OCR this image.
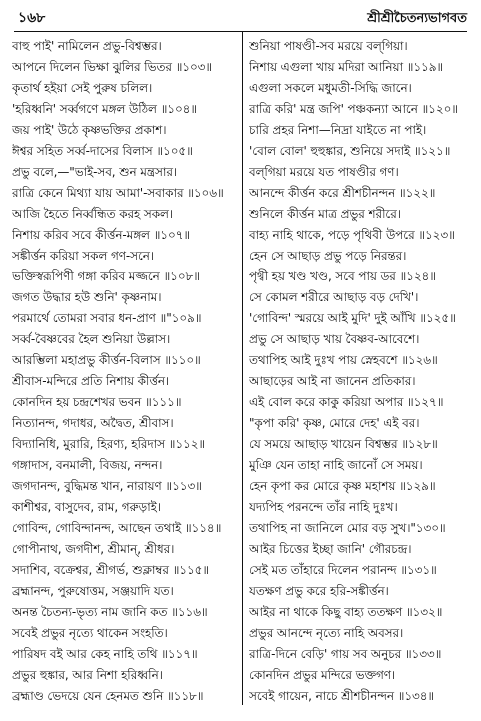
১৬৮	শ্রীশ্রীচৈতন্যভাগবত
বাহু পাই' নামিলেন প্রভু-বিশ্বম্ভর।
আপনে দিলেন ভিক্ষা ঝুলির ভিতর ॥১০৩॥
কৃতার্থ হইয়া সেই পুরুষ চলিল।
'হরিধ্বনি' সর্ব্বগণে মঙ্গল উঠিল ॥১০৪॥
জয় পাই' উঠে কৃষ্ণভক্তির প্রকাশ।
ঈশ্বর সহিত সর্ব্ব-দাসের বিলাস ॥১০৫॥
প্রভু বলে,—"ভাই-সব, শুন মন্ত্রসার।
রাত্রি কেনে মিথ্যা যায় আমা'-সবাকার ॥১০৬॥
আজি হৈতে নির্ব্বন্ধিত করহ সকল।
নিশায় করিব সবে কীর্ত্তন-মঙ্গল ॥১০৭॥
সঙ্কীর্ত্তন করিয়া সকল গণ-সনে।
ভক্তিস্বরূপিণী গঙ্গা করিব মজ্জনে ॥১০৮॥
জগত উদ্ধার হউ শুনি' কৃষ্ণনাম।
পরমার্থে তোমরা সবার ধন-প্রাণ ॥"১০৯॥
সর্ব্ব-বৈষ্ণবের হৈল শুনিয়া উল্লাস।
আরম্ভিলা মহাপ্রভু কীর্ত্তন-বিলাস ॥১১০॥
শ্রীবাস-মন্দিরে প্রতি নিশায় কীর্ত্তন।
কোনদিন হয় চন্দ্রশেখর ভবন ॥১১১॥
নিত্যানন্দ, গদাধর, অদ্বৈত, শ্রীবাস।
বিদ্যানিধি, মুরারি, হিরণ্য, হরিদাস ॥১১২॥
গঙ্গাদাস, বনমালী, বিজয়, নন্দন।
জগদানন্দ, বুদ্ধিমন্ত খান, নারায়ণ ॥১১৩॥
কাশীশ্বর, বাসুদেব, রাম, গরুড়াই।
গোবিন্দ, গোবিন্দানন্দ, আছেন তথাই ॥১১৪॥
গোপীনাথ, জগদীশ, শ্রীমান্‌, শ্রীধর।
সদাশিব, বক্রেশ্বর, শ্রীগর্ভ, শুক্লাম্বর ॥১১৫॥
ব্রহ্মানন্দ, পুরুষোত্তম, সঞ্জয়াদি যত।
অনন্ত চৈতন্য-ভৃত্য নাম জানি কত ॥১১৬॥
সবেই প্রভুর নৃত্যে থাকেন সংহতি।
পারিষদ বই আর কেহ নাহি তথি ॥১১৭॥
প্রভুর হুঙ্কার, আর নিশা হরিধ্বনি।
ব্রহ্মাণ্ড ভেদয়ে যেন হেনমত শুনি ॥১১৮॥
শুনিয়া পাষণ্ডী-সব মরয়ে বল্‌গিয়া।
নিশায় এগুলা খায় মদিরা আনিয়া ॥১১৯॥
এগুলা সকলে মধুমতী-সিদ্ধি জানে।
রাত্রি করি' মন্ত্র জপি' পঞ্চকন্যা আনে ॥১২০॥
চারি প্রহর নিশা—নিদ্রা যাইতে না পাই।
'বোল বোল' হুহুঙ্কার, শুনিয়ে সদাই ॥১২১॥
বল্‌গিয়া মরয়ে যত পাষণ্ডীর গণ।
আনন্দে কীর্ত্তন করে শ্রীশচীনন্দন ॥১২২॥
শুনিলে কীর্ত্তন মাত্র প্রভুর শরীরে।
বাহ্য নাহি থাকে, পড়ে পৃথিবী উপরে ॥১২৩॥
হেন সে আছাড় প্রভু পড়ে নিরন্তর।
পৃথ্বী হয় খণ্ড খণ্ড, সবে পায় ডর ॥১২৪॥
সে কোমল শরীরে আছাড় বড় দেখি'।
'গোবিন্দ' স্মরয়ে আই মুদি' দুই আঁখি ॥১২৫॥
প্রভু সে আছাড় খায় বৈষ্ণব-আবেশে।
তথাপিহ আই দুঃখ পায় স্নেহবশে ॥১২৬॥
আছাড়ের আই না জানেন প্রতিকার।
এই বোল করে কাকু করিয়া অপার ॥১২৭॥
"কৃপা করি' কৃষ্ণ, মোরে দেহ' এই বর।
যে সময়ে আছাড় খায়েন বিশ্বম্ভর ॥১২৮॥
মুঞি যেন তাহা নাহি জানোঁ সে সময়।
হেন কৃপা কর মোরে কৃষ্ণ মহাশয় ॥১২৯॥
যদ্যপিহ পরনন্দে তাঁর নাহি দুঃখ।
তথাপিহ না জানিলে মোর বড় সুখ।"১৩০॥
আইর চিত্তের ইচ্ছা জানি' গৌরচন্দ্র।
সেই মত তাঁহারে দিলেন পরানন্দ ॥১৩১॥
যতক্ষণ প্রভু করে হরি-সঙ্কীর্ত্তন।
আইর না থাকে কিছু বাহ্য ততক্ষণ ॥১৩২॥
প্রভুর আনন্দে নৃত্যে নাহি অবসর।
রাত্রি-দিনে বেড়ি' গায় সব অনুচর ॥১৩৩॥
কোনদিন প্রভুর মন্দিরে ভক্তগণ।
সবেই গায়েন, নাচে শ্রীশচীনন্দন ॥১৩৪॥
